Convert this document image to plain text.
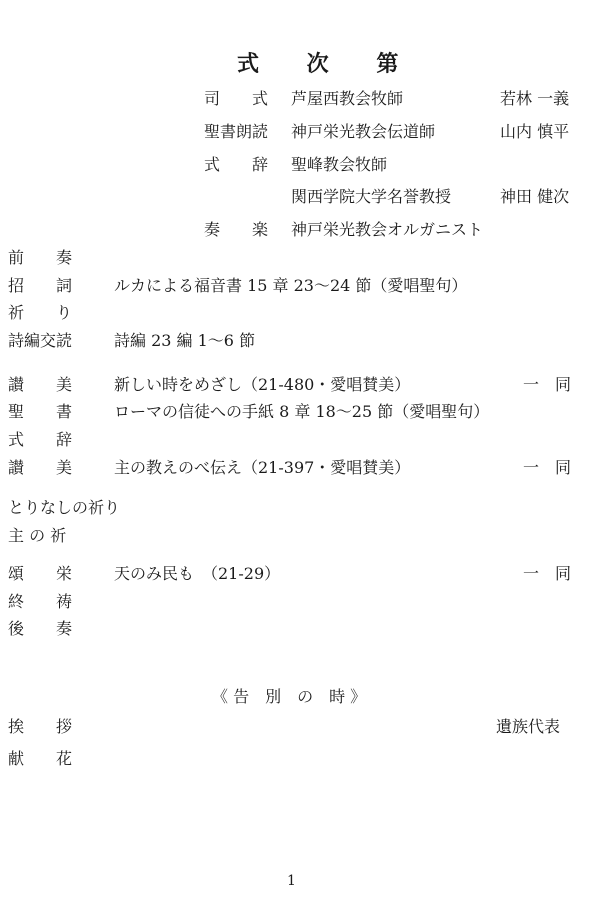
式 次 第
司　　式 芦屋西教会牧師	若林 一義
聖書朗読 神戸栄光教会伝道師	山内 慎平
式　　辞 聖峰教会牧師
関西学院大学名誉教授	神田 健次
奏　　楽 神戸栄光教会オルガニスト
前　　奏
招　　詞	ルカによる福音書 15 章 23〜24 節（愛唱聖句）
祈　　り
詩編交読	詩編 23 編 1〜6 節
讃　　美	新しい時をめざし（21-480・愛唱賛美）	一　同
聖　　書	ローマの信徒への手紙 8 章 18〜25 節（愛唱聖句）
式　　辞
讃　　美	主の教えのべ伝え（21-397・愛唱賛美）	一　同
とりなしの祈り
主 の 祈
頌　　栄	天のみ民も　（21-29）	一　同
終　　祷
後　　奏
《 告　別　の　時 》
挨　　拶	遺族代表
献　　花
1
